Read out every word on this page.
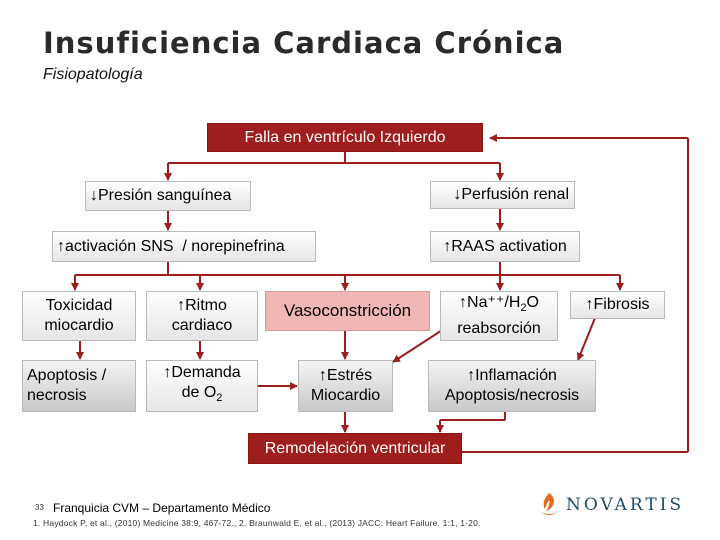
Insuficiencia Cardiaca Crónica
Fisiopatología
Falla en ventrículo Izquierdo
↓Presión sanguínea	↓Perfusión renal
↑activación SNS  / norepinefrina	↑RAAS activation
Toxicidad miocardio
↑Ritmo cardiaco
Vasoconstricción	$↑Na^{++}/H_2O$
reabsorción
↑Fibrosis
Apoptosis / necrosis
↑Demanda
de $O_2$
↑Estrés Miocardio
↑Inflamación
Apoptosis/necrosis
Remodelación ventricular
33 Franquicia CVM – Departamento Médico
1. Haydock P, et al., (2010) Medicine 38:9, 467-72., 2. Braunwald E, et al., (2013) JACC: Heart Failure. 1:1, 1-20.
NOVARTIS
